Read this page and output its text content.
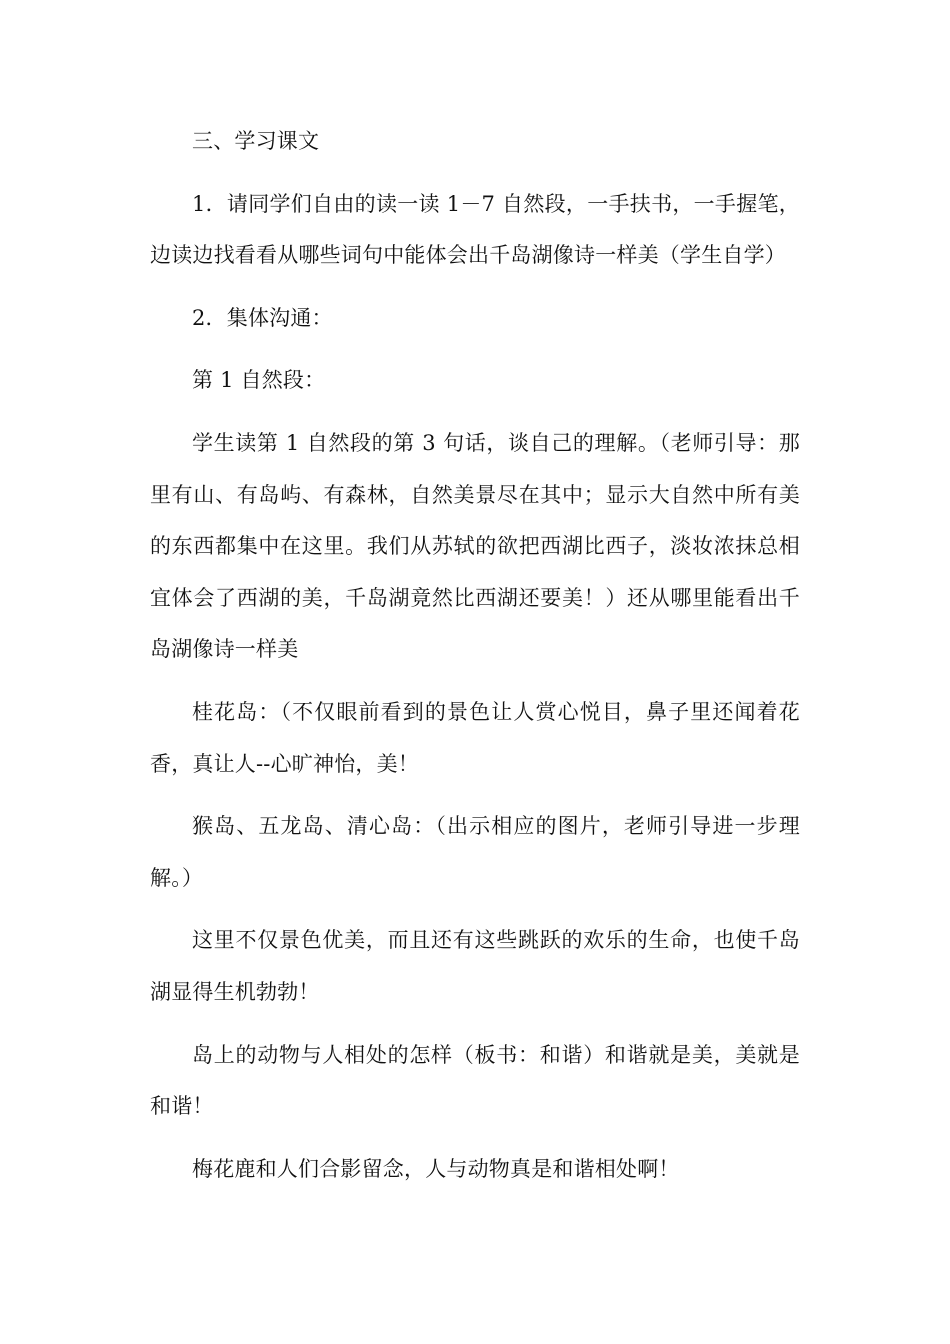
三、学习课文

1．请同学们自由的读一读 1－7 自然段，一手扶书，一手握笔，边读边找看看从哪些词句中能体会出千岛湖像诗一样美（学生自学）

2．集体沟通：

第 1 自然段：

学生读第 1 自然段的第 3 句话，谈自己的理解。（老师引导：那里有山、有岛屿、有森林，自然美景尽在其中；显示大自然中所有美的东西都集中在这里。我们从苏轼的欲把西湖比西子，淡妆浓抹总相宜体会了西湖的美，千岛湖竟然比西湖还要美！）还从哪里能看出千岛湖像诗一样美

桂花岛：（不仅眼前看到的景色让人赏心悦目，鼻子里还闻着花香，真让人--心旷神怡，美！

猴岛、五龙岛、清心岛：（出示相应的图片，老师引导进一步理解。）

这里不仅景色优美，而且还有这些跳跃的欢乐的生命，也使千岛湖显得生机勃勃！

岛上的动物与人相处的怎样（板书：和谐）和谐就是美，美就是和谐！

梅花鹿和人们合影留念，人与动物真是和谐相处啊！
